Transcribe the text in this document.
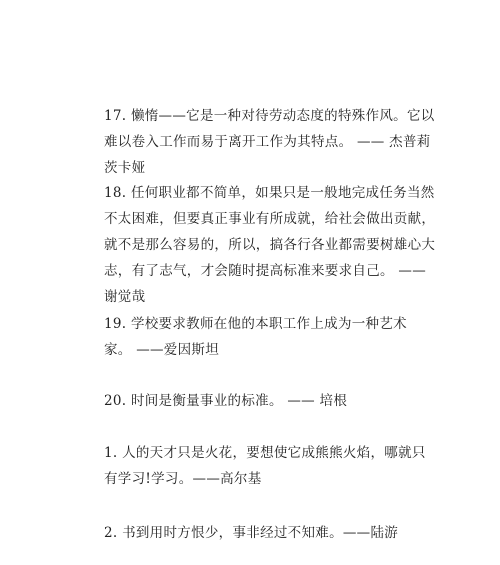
17. 懒惰——它是一种对待劳动态度的特殊作风。它以难以卷入工作而易于离开工作为其特点。 —— 杰普莉茨卡娅

18. 任何职业都不简单，如果只是一般地完成任务当然不太困难，但要真正事业有所成就，给社会做出贡献，就不是那么容易的，所以，搞各行各业都需要树雄心大志，有了志气，才会随时提高标准来要求自己。 —— 谢觉哉

19. 学校要求教师在他的本职工作上成为一种艺术家。 ——爱因斯坦

20. 时间是衡量事业的标准。 —— 培根

1. 人的天才只是火花，要想使它成熊熊火焰，哪就只有学习!学习。——高尔基

2. 书到用时方恨少，事非经过不知难。——陆游
